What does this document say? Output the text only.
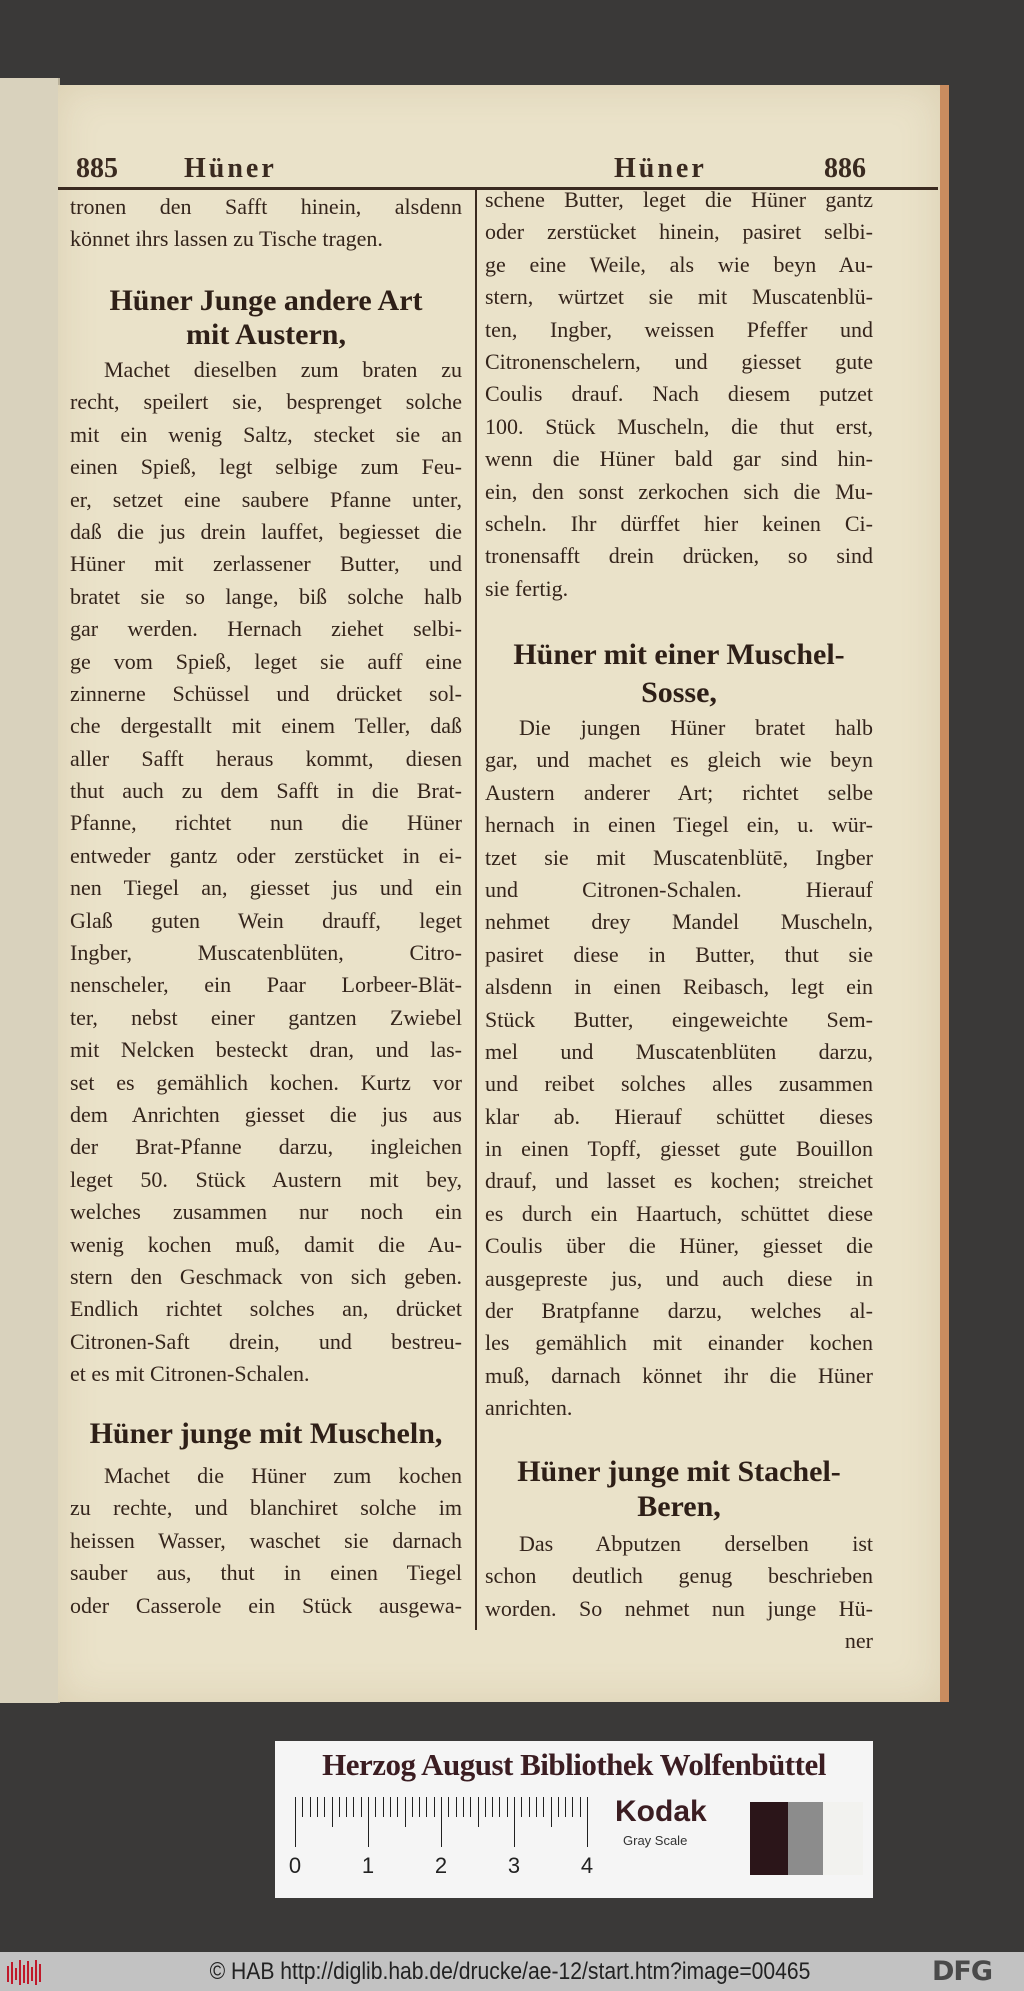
885 Hüner	Hüner	886
tronen den Safft hinein, alsdenn
könnet ihrs lassen zu Tische tragen.
Hüner Junge andere Art
mit Austern,
Machet dieselben zum braten zu
recht, speilert sie, besprenget solche
mit ein wenig Saltz, stecket sie an
einen Spieß, legt selbige zum Feu-
er, setzet eine saubere Pfanne unter,
daß die jus drein lauffet, begiesset die
Hüner mit zerlassener Butter, und
bratet sie so lange, biß solche halb
gar werden. Hernach ziehet selbi-
ge vom Spieß, leget sie auff eine
zinnerne Schüssel und drücket sol-
che dergestallt mit einem Teller, daß
aller Safft heraus kommt, diesen
thut auch zu dem Safft in die Brat-
Pfanne, richtet nun die Hüner
entweder gantz oder zerstücket in ei-
nen Tiegel an, giesset jus und ein
Glaß guten Wein drauff, leget
Ingber, Muscatenblüten, Citro-
nenscheler, ein Paar Lorbeer-Blät-
ter, nebst einer gantzen Zwiebel
mit Nelcken besteckt dran, und las-
set es gemählich kochen. Kurtz vor
dem Anrichten giesset die jus aus
der Brat-Pfanne darzu, ingleichen
leget 50. Stück Austern mit bey,
welches zusammen nur noch ein
wenig kochen muß, damit die Au-
stern den Geschmack von sich geben.
Endlich richtet solches an, drücket
Citronen-Saft drein, und bestreu-
et es mit Citronen-Schalen.
Hüner junge mit Muscheln,
Machet die Hüner zum kochen
zu rechte, und blanchiret solche im
heissen Wasser, waschet sie darnach
sauber aus, thut in einen Tiegel
oder Casserole ein Stück ausgewa-
schene Butter, leget die Hüner gantz
oder zerstücket hinein, pasiret selbi-
ge eine Weile, als wie beyn Au-
stern, würtzet sie mit Muscatenblü-
ten, Ingber, weissen Pfeffer und
Citronenschelern, und giesset gute
Coulis drauf. Nach diesem putzet
100. Stück Muscheln, die thut erst,
wenn die Hüner bald gar sind hin-
ein, den sonst zerkochen sich die Mu-
scheln. Ihr dürffet hier keinen Ci-
tronensafft drein drücken, so sind
sie fertig.
Hüner mit einer Muschel-
Sosse,
Die jungen Hüner bratet halb
gar, und machet es gleich wie beyn
Austern anderer Art; richtet selbe
hernach in einen Tiegel ein, u. wür-
tzet sie mit Muscatenblütē, Ingber
und Citronen-Schalen. Hierauf
nehmet drey Mandel Muscheln,
pasiret diese in Butter, thut sie
alsdenn in einen Reibasch, legt ein
Stück Butter, eingeweichte Sem-
mel und Muscatenblüten darzu,
und reibet solches alles zusammen
klar ab. Hierauf schüttet dieses
in einen Topff, giesset gute Bouillon
drauf, und lasset es kochen; streichet
es durch ein Haartuch, schüttet diese
Coulis über die Hüner, giesset die
ausgepreste jus, und auch diese in
der Bratpfanne darzu, welches al-
les gemählich mit einander kochen
muß, darnach könnet ihr die Hüner
anrichten.
Hüner junge mit Stachel-
Beren,
Das Abputzen derselben ist
schon deutlich genug beschrieben
worden. So nehmet nun junge Hü-
ner
Herzog August Bibliothek Wolfenbüttel
0	1	2	3	4
Kodak
Gray Scale
© HAB http://diglib.hab.de/drucke/ae-12/start.htm?image=00465	DFG
